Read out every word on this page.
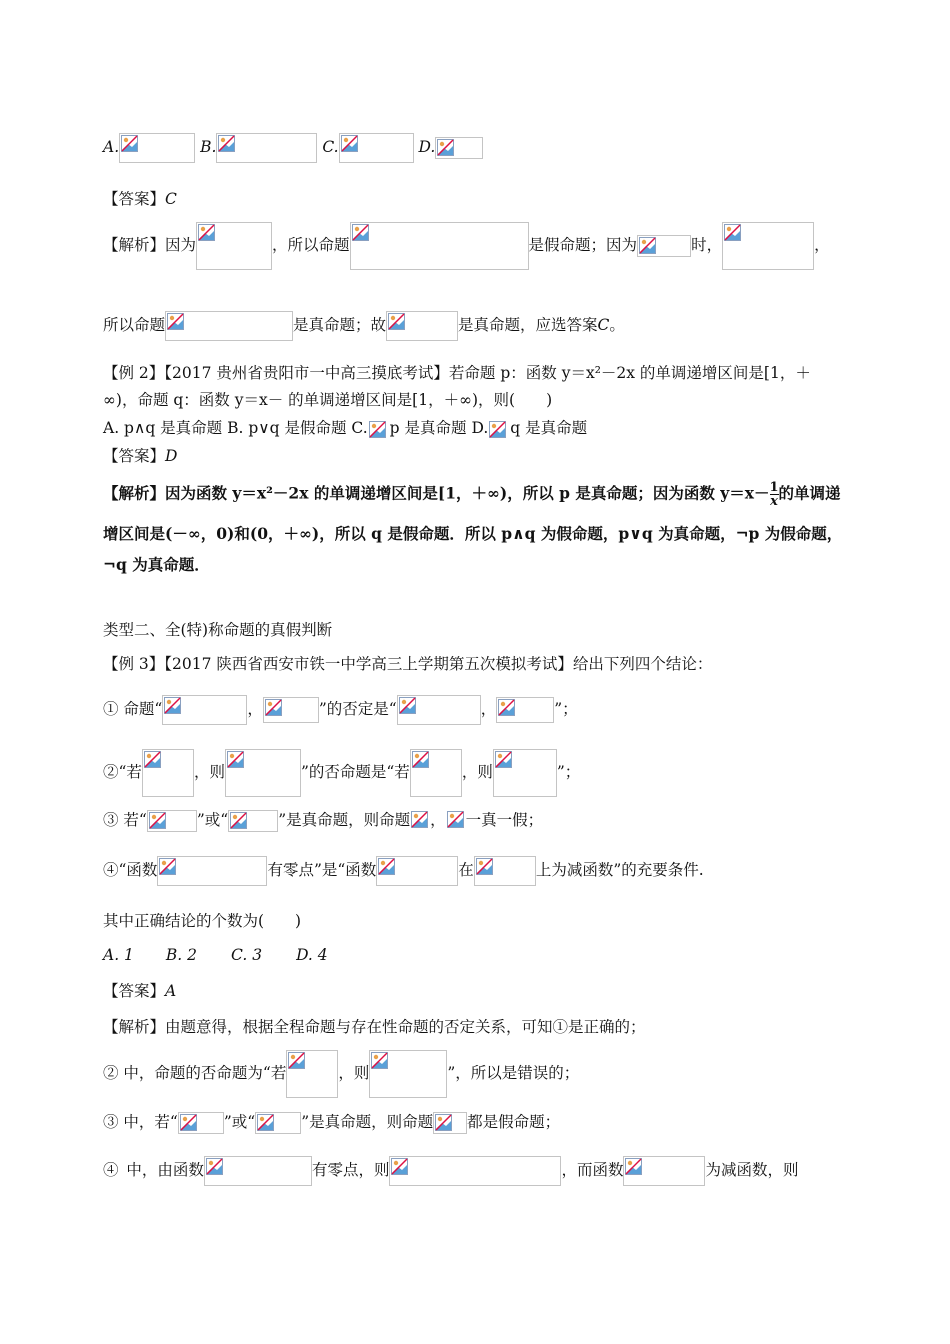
A.	B.	C.	D.
【答案】C
【解析】因为	，所以命题	是假命题；因为	时，	，
所以命题	是真命题；故	是真命题，应选答案C。
【例 2】【2017 贵州省贵阳市一中高三摸底考试】若命题 p：函数 y＝x²－2x 的单调递增区间是[1，＋
∞)，命题 q：函数 y＝x－ 的单调递增区间是[1，＋∞)，则(　　)
A. p∧q 是真命题 B. p∨q 是假命题 C. p 是真命题 D. q 是真命题
【答案】D
【解析】因为函数 y＝x²－2x 的单调递增区间是[1，＋∞)，所以 p 是真命题；因为函数 $y=x- \frac{1}{x}$ 的单调递
增区间是(－∞，0)和(0，＋∞)，所以 q 是假命题．所以 p∧q 为假命题，p∨q 为真命题，¬p 为假命题，
¬q 为真命题．
类型二、全(特)称命题的真假判断
【例 3】【2017 陕西省西安市铁一中学高三上学期第五次模拟考试】给出下列四个结论：
① 命题“	，	”的否定是“	，	”；
②“若	，则	”的否命题是“若	，则	”；
③ 若“	”或“	”是真命题，则命题 ， 一真一假；
④“函数	有零点”是“函数	在	上为减函数”的充要条件.
其中正确结论的个数为(　　)
A. 1 B. 2 C. 3 D. 4
【答案】A
【解析】由题意得，根据全程命题与存在性命题的否定关系，可知①是正确的；
② 中，命题的否命题为“若	，则	”，所以是错误的；
③ 中，若“	”或“	”是真命题，则命题 都是假命题；
④ 中，由函数	有零点，则	，而函数	为减函数，则
